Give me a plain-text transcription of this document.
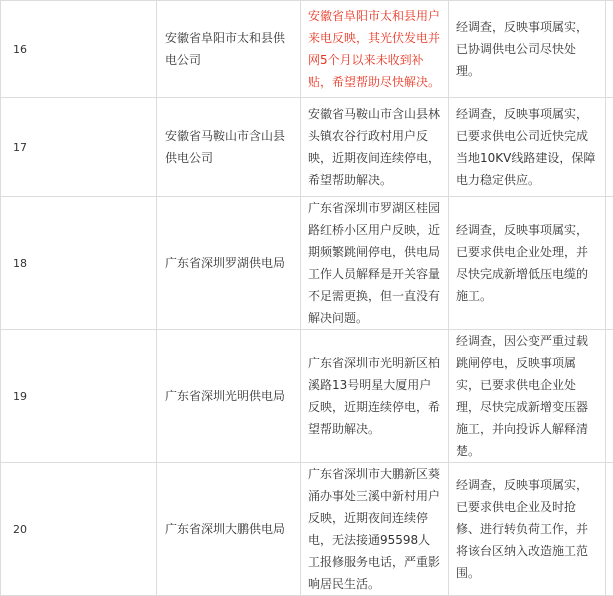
16	安徽省阜阳市太和县供电公司	安徽省阜阳市太和县用户来电反映，其光伏发电并网5个月以来未收到补贴，希望帮助尽快解决。	经调查，反映事项属实，已协调供电公司尽快处理。	

17	安徽省马鞍山市含山县供电公司	安徽省马鞍山市含山县林头镇农谷行政村用户反映，近期夜间连续停电，希望帮助解决。	经调查，反映事项属实，已要求供电公司近快完成当地10KV线路建设，保障电力稳定供应。	

18	广东省深圳罗湖供电局	广东省深圳市罗湖区桂园路红桥小区用户反映，近期频繁跳闸停电，供电局工作人员解释是开关容量不足需更换，但一直没有解决问题。	经调查，反映事项属实，已要求供电企业处理，并尽快完成新增低压电缆的施工。	

19	广东省深圳光明供电局	广东省深圳市光明新区柏溪路13号明星大厦用户反映，近期连续停电，希望帮助解决。	经调查，因公变严重过载跳闸停电，反映事项属实，已要求供电企业处理，尽快完成新增变压器施工，并向投诉人解释清楚。	

20	广东省深圳大鹏供电局	广东省深圳市大鹏新区葵涌办事处三溪中新村用户反映，近期夜间连续停电，无法接通95598人工报修服务电话，严重影响居民生活。	经调查，反映事项属实，已要求供电企业及时抢修、进行转负荷工作，并将该台区纳入改造施工范围。	
